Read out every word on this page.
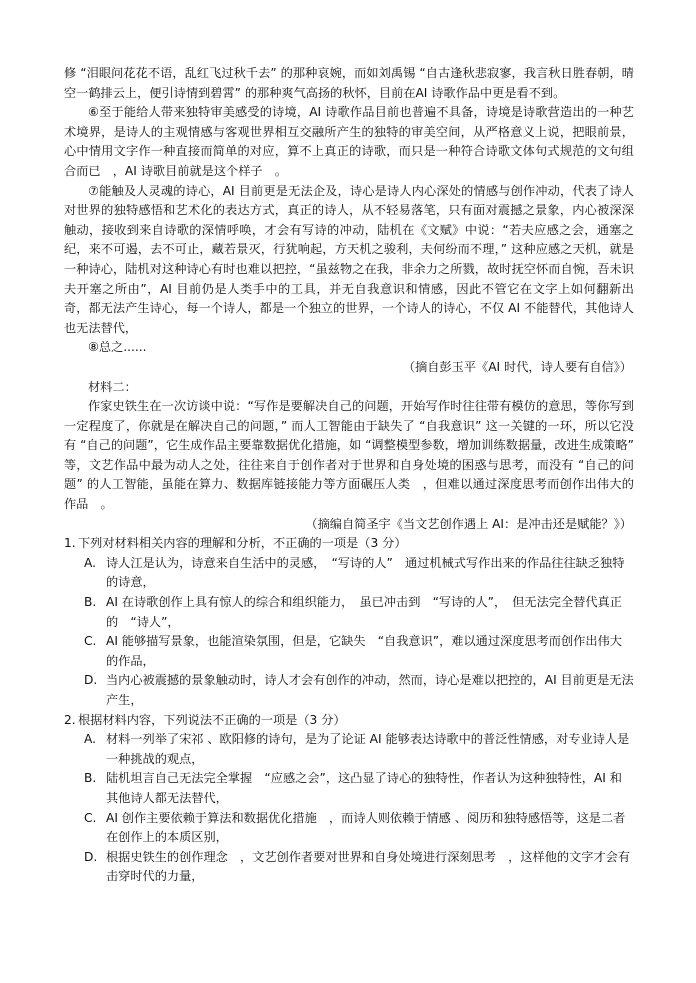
修 “泪眼问花花不语，乱红飞过秋千去” 的那种哀婉，而如刘禹锡 “自古逢秋悲寂寥，我言秋日胜春朝，晴空一鹤排云上，便引诗情到碧霄” 的那种爽气高扬的秋怀，目前在AI 诗歌作品中更是看不到。

⑥至于能给人带来独特审美感受的诗境，AI 诗歌作品目前也普遍不具备，诗境是诗歌营造出的一种艺术境界，是诗人的主观情感与客观世界相互交融所产生的独特的审美空间，从严格意义上说，把眼前景，心中情用文字作一种直接而简单的对应，算不上真正的诗歌，而只是一种符合诗歌文体句式规范的文句组合而已　，AI 诗歌目前就是这个样子　。

⑦能触及人灵魂的诗心，AI 目前更是无法企及，诗心是诗人内心深处的情感与创作冲动，代表了诗人对世界的独特感悟和艺术化的表达方式，真正的诗人，从不轻易落笔，只有面对震撼之景象，内心被深深触动，接收到来自诗歌的深情呼唤，才会有写诗的冲动，陆机在《文赋》中说：“若夫应感之会，通塞之纪，来不可遏，去不可止，藏若景灭，行犹响起，方天机之骏利，夫何纷而不理，” 这种应感之天机，就是一种诗心，陆机对这种诗心有时也难以把控，“虽兹物之在我，非余力之所戮，故时抚空怀而自惋，吾未识夫开塞之所由”，AI 目前仍是人类手中的工具，并无自我意识和情感，因此不管它在文字上如何翻新出奇，都无法产生诗心，每一个诗人，都是一个独立的世界，一个诗人的诗心，不仅 AI 不能替代，其他诗人也无法替代，

⑧总之......

（摘自彭玉平《AI 时代，诗人要有自信》）

材料二：

作家史铁生在一次访谈中说：“写作是要解决自己的问题，开始写作时往往带有模仿的意思，等你写到一定程度了，你就是在解决自己的问题，” 而人工智能由于缺失了 “自我意识” 这一关键的一环，所以它没有 “自己的问题”，它生成作品主要靠数据优化措施，如 “调整模型参数，增加训练数据量，改进生成策略” 等，文艺作品中最为动人之处，往往来自于创作者对于世界和自身处境的困惑与思考，而没有 “自己的问题” 的人工智能，虽能在算力、数据库链接能力等方面碾压人类　，但难以通过深度思考而创作出伟大的作品　。

（摘编自简圣宇《当文艺创作遇上 AI：是冲击还是赋能？》）

1. 下列对材料相关内容的理解和分析，不正确的一项是（3 分）

A. 诗人江是认为，诗意来自生活中的灵感，　“写诗的人”　通过机械式写作出来的作品往往缺乏独特的诗意，

B. AI 在诗歌创作上具有惊人的综合和组织能力，　虽已冲击到　“写诗的人”，　但无法完全替代真正的　“诗人”，

C. AI 能够描写景象，也能渲染氛围，但是，它缺失　“自我意识”，难以通过深度思考而创作出伟大的作品，

D. 当内心被震撼的景象触动时，诗人才会有创作的冲动，然而，诗心是难以把控的，AI 目前更是无法产生，

2. 根据材料内容，下列说法不正确的一项是（3 分）

A. 材料一列举了宋祁 、欧阳修的诗句，是为了论证 AI 能够表达诗歌中的普泛性情感，对专业诗人是一种挑战的观点，

B. 陆机坦言自己无法完全掌握　“应感之会”，这凸显了诗心的独特性，作者认为这种独特性，AI 和其他诗人都无法替代，

C. AI 创作主要依赖于算法和数据优化措施　，而诗人则依赖于情感 、阅历和独特感悟等，这是二者在创作上的本质区别，

D. 根据史铁生的创作理念　，文艺创作者要对世界和自身处境进行深刻思考　，这样他的文字才会有击穿时代的力量，
